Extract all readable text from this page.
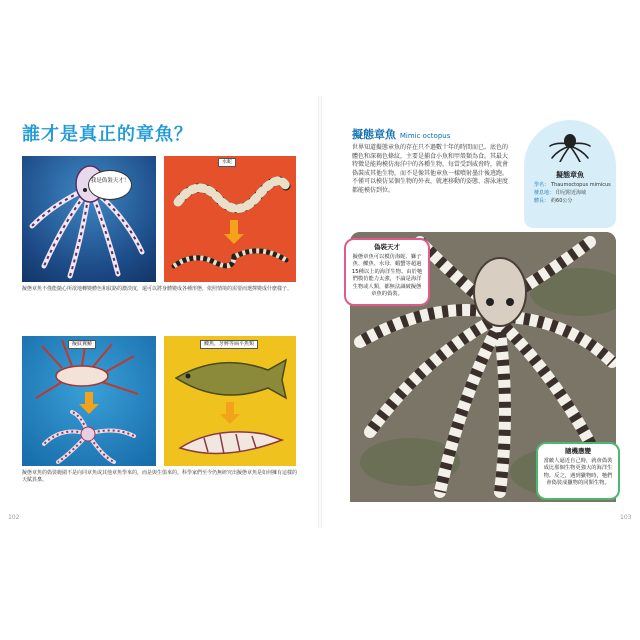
誰才是真正的章魚？
我是偽裝天才！
水蛇

擬態章魚不僅能隨心所欲地轉變體色和紋路的濃淡度，還可以將身體變成各種形態，依照情境的需要而選擇變成什麼樣子。

擬紋翼鰆	鰈魚，牙鮃等扁平魚類

擬態章魚的偽裝範圍不是向同章魚或其他章魚學來的，而是與生俱來的。科學家們至今仍無研究出擬態章魚是如何擁有這樣的天賦異稟。

102
擬態章魚 Mimic octopus

世界知道擬態章魚的存在只不過數十年的時間而已。底色的體色和深褐色條紋，主要是捕食小魚和甲殼類為食。其最大特徵是能夠模仿海洋中的各種生物，每當受到威脅時，就會偽裝成其他生物，而不是像其他章魚一樣噴射墨汁後逃跑。不僅可以模仿某個生物的外表，就連移動的姿態、游泳速度都能模仿到位。

擬態章魚
學名： Thaumoctopus mimicus
棲息地： 印尼附近海域
體長： 約60公分
偽裝天才
擬態章魚可以模仿海蛇、獅子魚、鰈魚、水母、蝦蟹等超過15種以上的海洋生物。由於牠們模仿能力太強，不論是海洋生物或人類，都無法識破擬態章魚的偽裝。
隨機應變
當敵人逼近自己時，就會偽裝成比那個生物更強大的海洋生物。反之，遇到獵物時，牠們會偽裝成獵物的同類生物。
103
